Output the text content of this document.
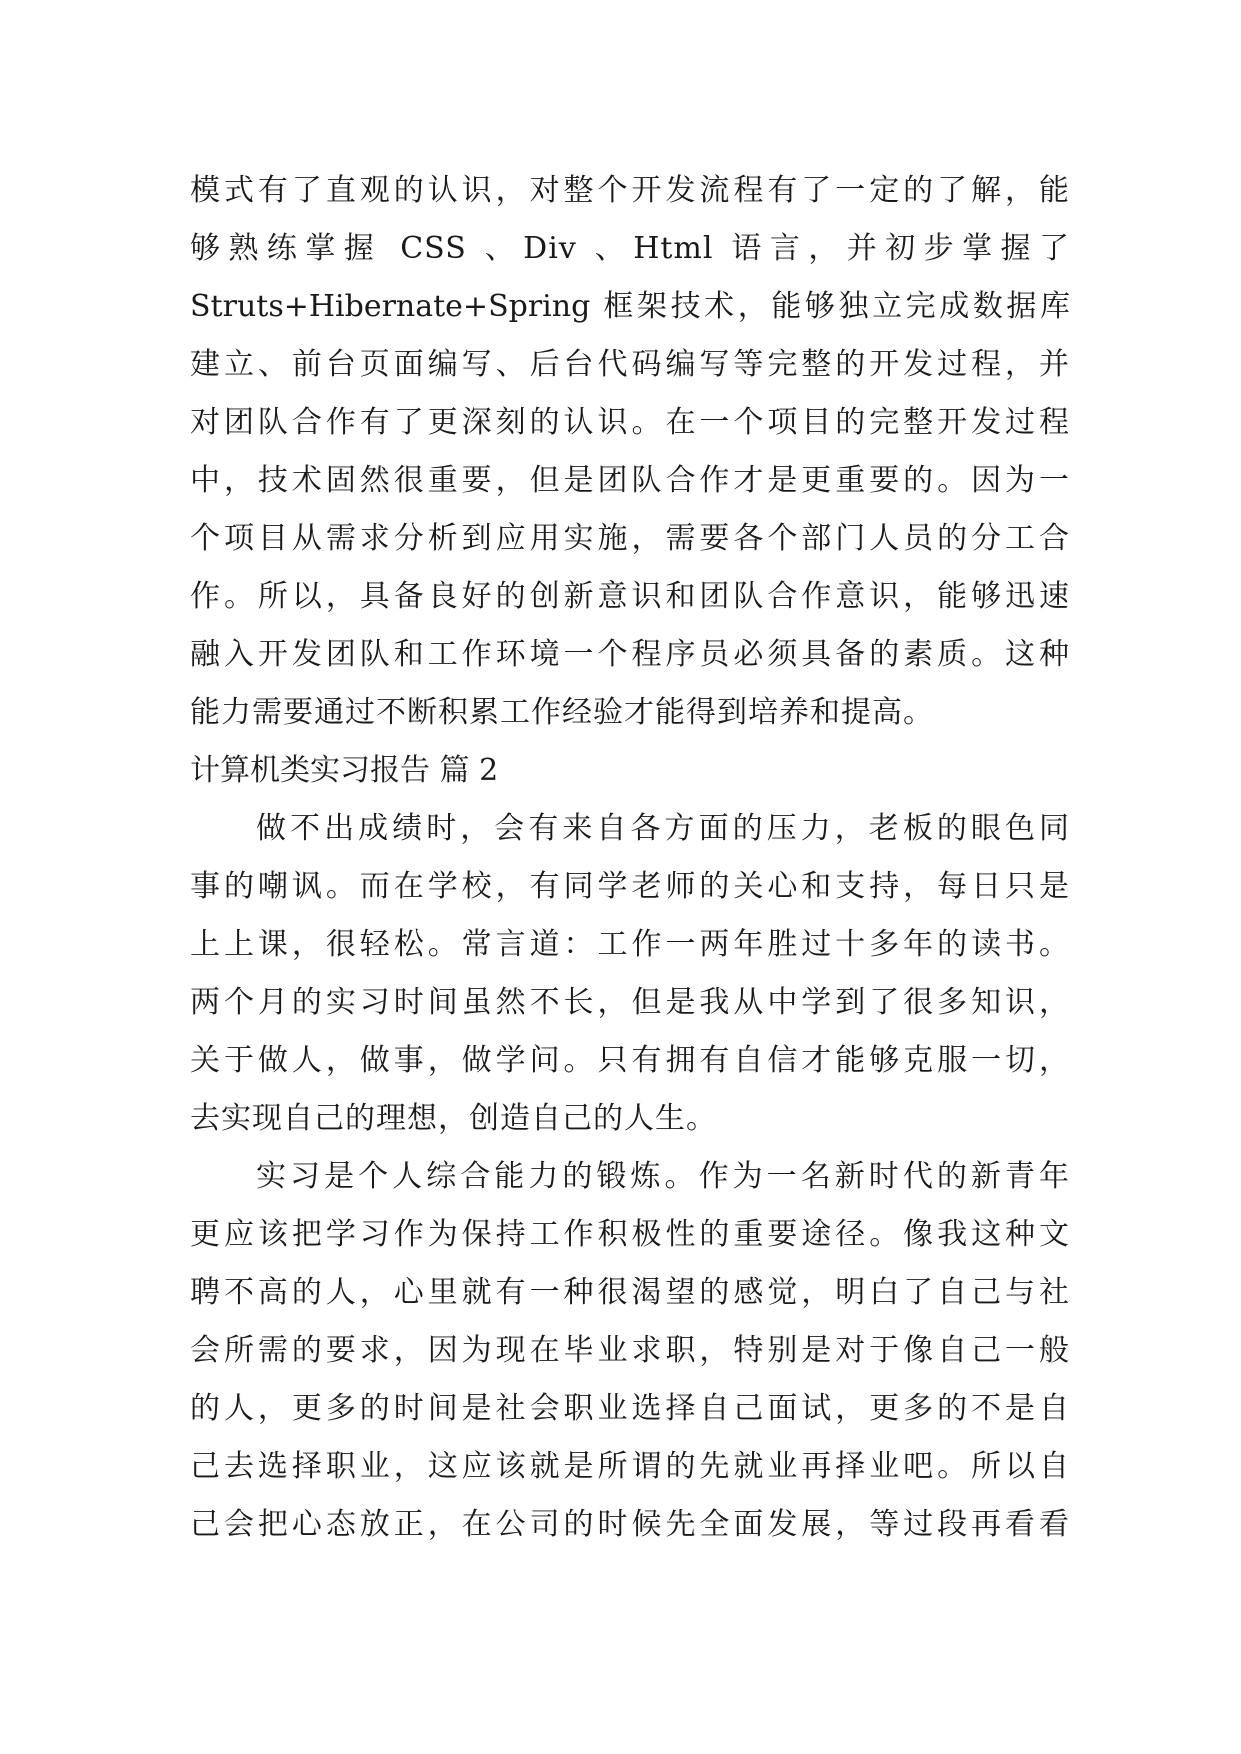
模式有了直观的认识，对整个开发流程有了一定的了解，能
够熟练掌握 CSS 、Div 、Html 语言，并初步掌握了
Struts+Hibernate+Spring 框架技术，能够独立完成数据库
建立、前台页面编写、后台代码编写等完整的开发过程，并
对团队合作有了更深刻的认识。在一个项目的完整开发过程
中，技术固然很重要，但是团队合作才是更重要的。因为一
个项目从需求分析到应用实施，需要各个部门人员的分工合
作。所以，具备良好的创新意识和团队合作意识，能够迅速
融入开发团队和工作环境一个程序员必须具备的素质。这种
能力需要通过不断积累工作经验才能得到培养和提高。
计算机类实习报告 篇 2
做不出成绩时，会有来自各方面的压力，老板的眼色同
事的嘲讽。而在学校，有同学老师的关心和支持，每日只是
上上课，很轻松。常言道：工作一两年胜过十多年的读书。
两个月的实习时间虽然不长，但是我从中学到了很多知识，
关于做人，做事，做学问。只有拥有自信才能够克服一切，
去实现自己的理想，创造自己的人生。
实习是个人综合能力的锻炼。作为一名新时代的新青年
更应该把学习作为保持工作积极性的重要途径。像我这种文
聘不高的人，心里就有一种很渴望的感觉，明白了自己与社
会所需的要求，因为现在毕业求职，特别是对于像自己一般
的人，更多的时间是社会职业选择自己面试，更多的不是自
己去选择职业，这应该就是所谓的先就业再择业吧。所以自
己会把心态放正，在公司的时候先全面发展，等过段再看看
